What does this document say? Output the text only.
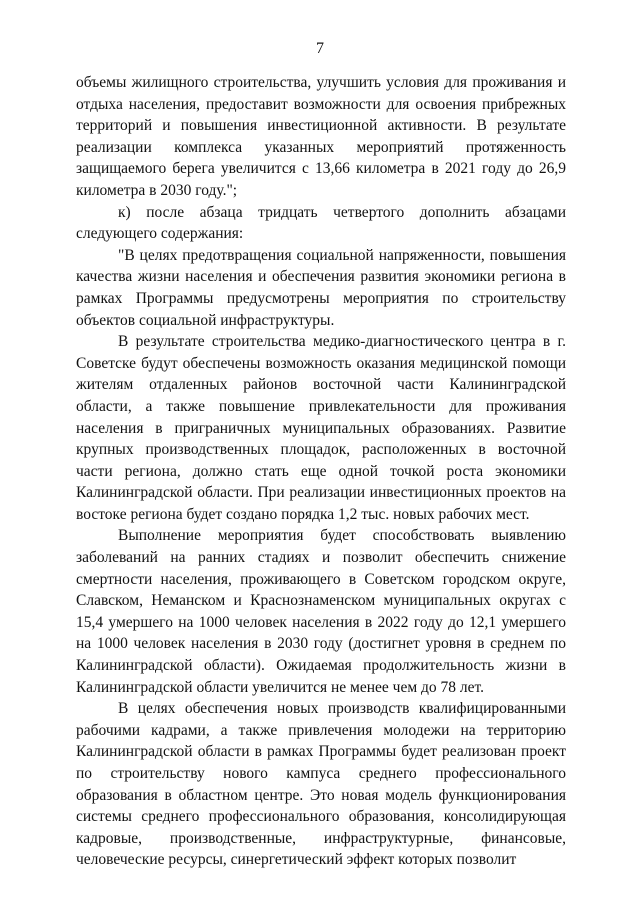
7

объемы жилищного строительства, улучшить условия для проживания и отдыха населения, предоставит возможности для освоения прибрежных территорий и повышения инвестиционной активности. В результате реализации комплекса указанных мероприятий протяженность защищаемого берега увеличится с 13,66 километра в 2021 году до 26,9 километра в 2030 году.";

к) после абзаца тридцать четвертого дополнить абзацами следующего содержания:

"В целях предотвращения социальной напряженности, повышения качества жизни населения и обеспечения развития экономики региона в рамках Программы предусмотрены мероприятия по строительству объектов социальной инфраструктуры.

В результате строительства медико-диагностического центра в г. Советске будут обеспечены возможность оказания медицинской помощи жителям отдаленных районов восточной части Калининградской области, а также повышение привлекательности для проживания населения в приграничных муниципальных образованиях. Развитие крупных производственных площадок, расположенных в восточной части региона, должно стать еще одной точкой роста экономики Калининградской области. При реализации инвестиционных проектов на востоке региона будет создано порядка 1,2 тыс. новых рабочих мест.

Выполнение мероприятия будет способствовать выявлению заболеваний на ранних стадиях и позволит обеспечить снижение смертности населения, проживающего в Советском городском округе, Славском, Неманском и Краснознаменском муниципальных округах с 15,4 умершего на 1000 человек населения в 2022 году до 12,1 умершего на 1000 человек населения в 2030 году (достигнет уровня в среднем по Калининградской области). Ожидаемая продолжительность жизни в Калининградской области увеличится не менее чем до 78 лет.

В целях обеспечения новых производств квалифицированными рабочими кадрами, а также привлечения молодежи на территорию Калининградской области в рамках Программы будет реализован проект по строительству нового кампуса среднего профессионального образования в областном центре. Это новая модель функционирования системы среднего профессионального образования, консолидирующая кадровые, производственные, инфраструктурные, финансовые, человеческие ресурсы, синергетический эффект которых позволит
